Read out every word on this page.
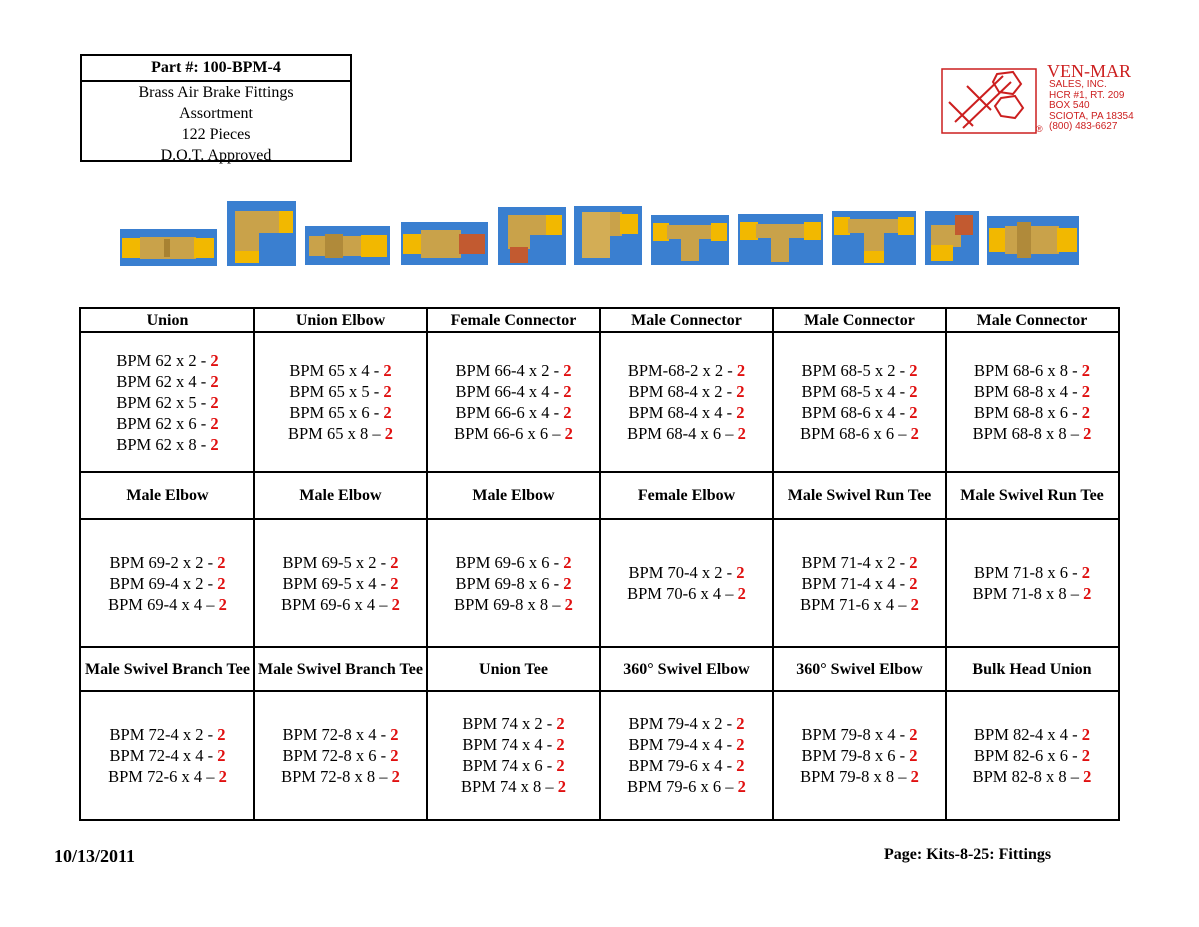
Part #: 100-BPM-4
Brass Air Brake Fittings
Assortment
122 Pieces
D.O.T. Approved
VEN-MAR
SALES, INC.
HCR #1, RT. 209
BOX 540
SCIOTA, PA 18354
(800) 483-6627
®
Union
BPM 62 x 2 - 2
BPM 62 x 4 - 2
BPM 62 x 5 - 2
BPM 62 x 6 - 2
BPM 62 x 8 - 2
Union Elbow
BPM 65 x 4 - 2
BPM 65 x 5 - 2
BPM 65 x 6 - 2
BPM 65 x 8 – 2
Female Connector
BPM 66-4 x 2 - 2
BPM 66-4 x 4 - 2
BPM 66-6 x 4 - 2
BPM 66-6 x 6 – 2
Male Connector
BPM-68-2 x 2 - 2
BPM 68-4 x 2 - 2
BPM 68-4 x 4 - 2
BPM 68-4 x 6 – 2
Male Connector
BPM 68-5 x 2 - 2
BPM 68-5 x 4 - 2
BPM 68-6 x 4 - 2
BPM 68-6 x 6 – 2
Male Connector
BPM 68-6 x 8 - 2
BPM 68-8 x 4 - 2
BPM 68-8 x 6 - 2
BPM 68-8 x 8 – 2
Male Elbow
BPM 69-2 x 2 - 2
BPM 69-4 x 2 - 2
BPM 69-4 x 4 – 2
Male Elbow
BPM 69-5 x 2 - 2
BPM 69-5 x 4 - 2
BPM 69-6 x 4 – 2
Male Elbow
BPM 69-6 x 6 - 2
BPM 69-8 x 6 - 2
BPM 69-8 x 8 – 2
Female Elbow
BPM 70-4 x 2 - 2
BPM 70-6 x 4 – 2
Male Swivel Run Tee
BPM 71-4 x 2 - 2
BPM 71-4 x 4 - 2
BPM 71-6 x 4 – 2
Male Swivel Run Tee
BPM 71-8 x 6 - 2
BPM 71-8 x 8 – 2
Male Swivel Branch Tee
BPM 72-4 x 2 - 2
BPM 72-4 x 4 - 2
BPM 72-6 x 4 – 2
Male Swivel Branch Tee
BPM 72-8 x 4 - 2
BPM 72-8 x 6 - 2
BPM 72-8 x 8 – 2
Union Tee
BPM 74 x 2 - 2
BPM 74 x 4 - 2
BPM 74 x 6 - 2
BPM 74 x 8 – 2
360° Swivel Elbow
BPM 79-4 x 2 - 2
BPM 79-4 x 4 - 2
BPM 79-6 x 4 - 2
BPM 79-6 x 6 – 2
360° Swivel Elbow
BPM 79-8 x 4 - 2
BPM 79-8 x 6 - 2
BPM 79-8 x 8 – 2
Bulk Head Union
BPM 82-4 x 4 - 2
BPM 82-6 x 6 - 2
BPM 82-8 x 8 – 2
10/13/2011	Page: Kits-8-25: Fittings
